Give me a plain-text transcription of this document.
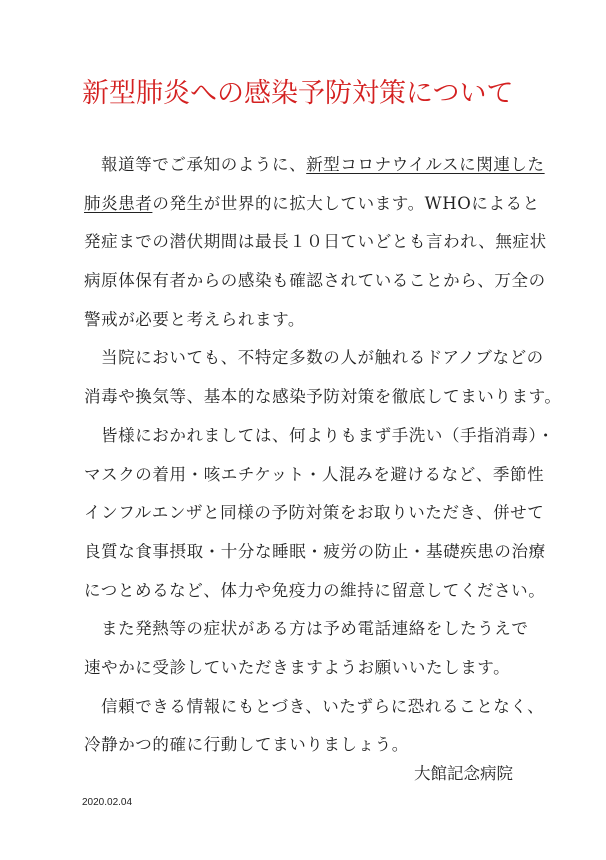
新型肺炎への感染予防対策について
報道等でご承知のように、新型コロナウイルスに関連した
肺炎患者の発生が世界的に拡大しています。WHOによると
発症までの潜伏期間は最長１０日ていどとも言われ、無症状
病原体保有者からの感染も確認されていることから、万全の
警戒が必要と考えられます。
当院においても、不特定多数の人が触れるドアノブなどの
消毒や換気等、基本的な感染予防対策を徹底してまいります。
皆様におかれましては、何よりもまず手洗い（手指消毒）・
マスクの着用・咳エチケット・人混みを避けるなど、季節性
インフルエンザと同様の予防対策をお取りいただき、併せて
良質な食事摂取・十分な睡眠・疲労の防止・基礎疾患の治療
につとめるなど、体力や免疫力の維持に留意してください。
また発熱等の症状がある方は予め電話連絡をしたうえで
速やかに受診していただきますようお願いいたします。
信頼できる情報にもとづき、いたずらに恐れることなく、
冷静かつ的確に行動してまいりましょう。
大館記念病院
2020.02.04
